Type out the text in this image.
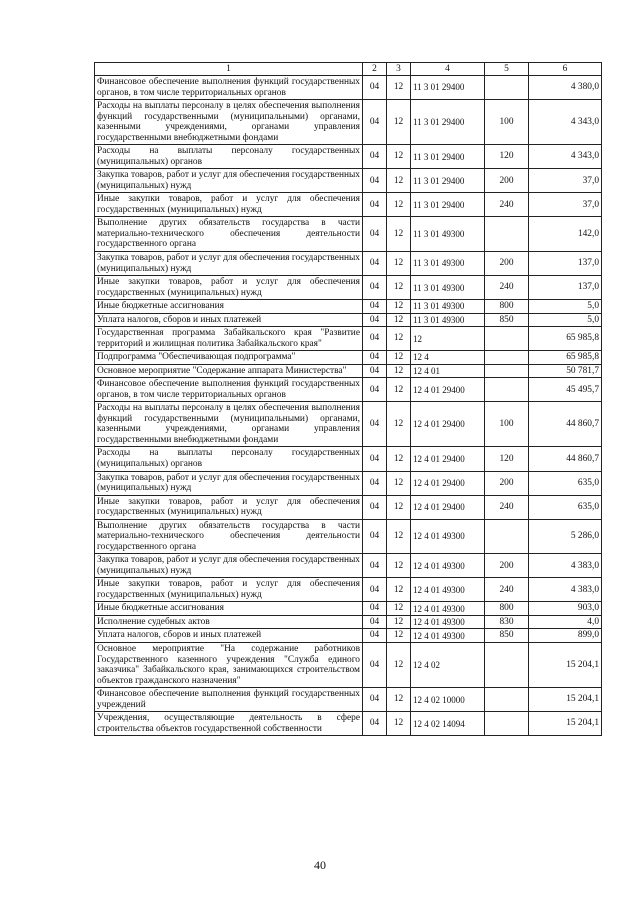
1	2	3	4	5	6
Финансовое обеспечение выполнения функций государственных органов, в том числе территориальных органов	04	12	11 3 01 29400		4 380,0
Расходы на выплаты персоналу в целях обеспечения выполнения функций государственными (муниципальными) органами, казенными учреждениями, органами управления государственными внебюджетными фондами	04	12	11 3 01 29400	100	4 343,0
Расходы на выплаты персоналу государственных (муниципальных) органов	04	12	11 3 01 29400	120	4 343,0
Закупка товаров, работ и услуг для обеспечения государственных (муниципальных) нужд	04	12	11 3 01 29400	200	37,0
Иные закупки товаров, работ и услуг для обеспечения государственных (муниципальных) нужд	04	12	11 3 01 29400	240	37,0
Выполнение других обязательств государства в части материально-технического обеспечения деятельности государственного органа	04	12	11 3 01 49300		142,0
Закупка товаров, работ и услуг для обеспечения государственных (муниципальных) нужд	04	12	11 3 01 49300	200	137,0
Иные закупки товаров, работ и услуг для обеспечения государственных (муниципальных) нужд	04	12	11 3 01 49300	240	137,0
Иные бюджетные ассигнования	04	12	11 3 01 49300	800	5,0
Уплата налогов, сборов и иных платежей	04	12	11 3 01 49300	850	5,0
Государственная программа Забайкальского края "Развитие территорий и жилищная политика Забайкальского края"	04	12	12		65 985,8
Подпрограмма "Обеспечивающая подпрограмма"	04	12	12 4		65 985,8
Основное мероприятие "Содержание аппарата Министерства"	04	12	12 4 01		50 781,7
Финансовое обеспечение выполнения функций государственных органов, в том числе территориальных органов	04	12	12 4 01 29400		45 495,7
Расходы на выплаты персоналу в целях обеспечения выполнения функций государственными (муниципальными) органами, казенными учреждениями, органами управления государственными внебюджетными фондами	04	12	12 4 01 29400	100	44 860,7
Расходы на выплаты персоналу государственных (муниципальных) органов	04	12	12 4 01 29400	120	44 860,7
Закупка товаров, работ и услуг для обеспечения государственных (муниципальных) нужд	04	12	12 4 01 29400	200	635,0
Иные закупки товаров, работ и услуг для обеспечения государственных (муниципальных) нужд	04	12	12 4 01 29400	240	635,0
Выполнение других обязательств государства в части материально-технического обеспечения деятельности государственного органа	04	12	12 4 01 49300		5 286,0
Закупка товаров, работ и услуг для обеспечения государственных (муниципальных) нужд	04	12	12 4 01 49300	200	4 383,0
Иные закупки товаров, работ и услуг для обеспечения государственных (муниципальных) нужд	04	12	12 4 01 49300	240	4 383,0
Иные бюджетные ассигнования	04	12	12 4 01 49300	800	903,0
Исполнение судебных актов	04	12	12 4 01 49300	830	4,0
Уплата налогов, сборов и иных платежей	04	12	12 4 01 49300	850	899,0
Основное мероприятие "На содержание работников Государственного казенного учреждения "Служба единого заказчика" Забайкальского края, занимающихся строительством объектов гражданского назначения"	04	12	12 4 02		15 204,1
Финансовое обеспечение выполнения функций государственных учреждений	04	12	12 4 02 10000		15 204,1
Учреждения, осуществляющие деятельность в сфере строительства объектов государственной собственности	04	12	12 4 02 14094		15 204,1
40
